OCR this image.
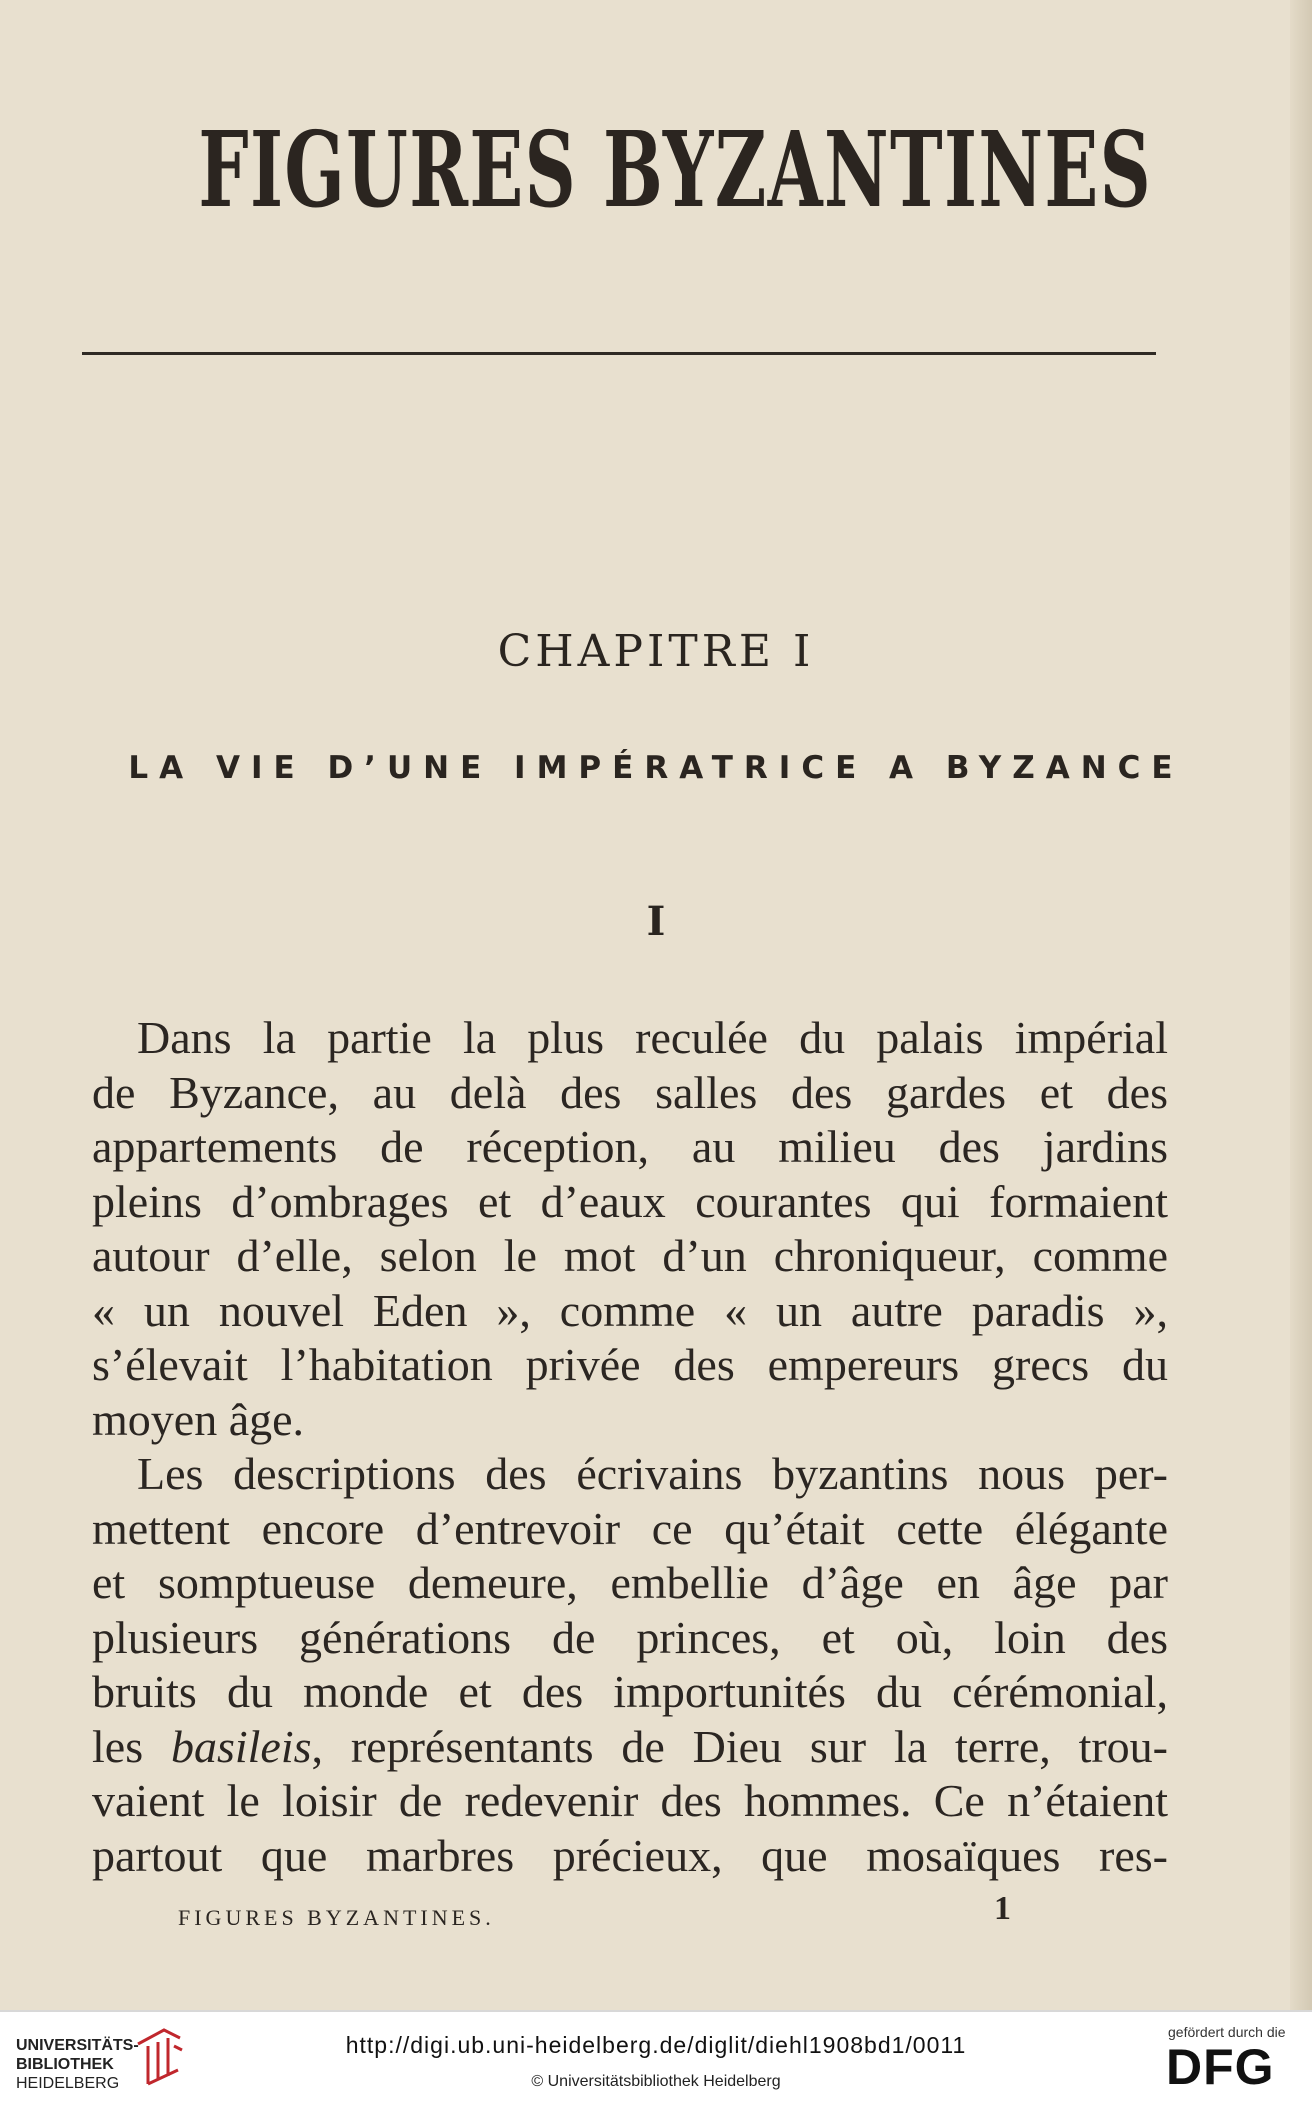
FIGURES BYZANTINES
CHAPITRE I
LA VIE D’UNE IMPÉRATRICE A BYZANCE
I
Dans la partie la plus reculée du palais impérial
de Byzance, au delà des salles des gardes et des
appartements de réception, au milieu des jardins
pleins d’ombrages et d’eaux courantes qui formaient
autour d’elle, selon le mot d’un chroniqueur, comme
« un nouvel Eden », comme « un autre paradis »,
s’élevait l’habitation privée des empereurs grecs du
moyen âge.
Les descriptions des écrivains byzantins nous per-
mettent encore d’entrevoir ce qu’était cette élégante
et somptueuse demeure, embellie d’âge en âge par
plusieurs générations de princes, et où, loin des
bruits du monde et des importunités du cérémonial,
les basileis, représentants de Dieu sur la terre, trou-
vaient le loisir de redevenir des hommes. Ce n’étaient
partout que marbres précieux, que mosaïques res-
FIGURES BYZANTINES.	1
UNIVERSITÄTS-
BIBLIOTHEK
HEIDELBERG
http://digi.ub.uni-heidelberg.de/diglit/diehl1908bd1/0011
© Universitätsbibliothek Heidelberg
gefördert durch die
DFG
